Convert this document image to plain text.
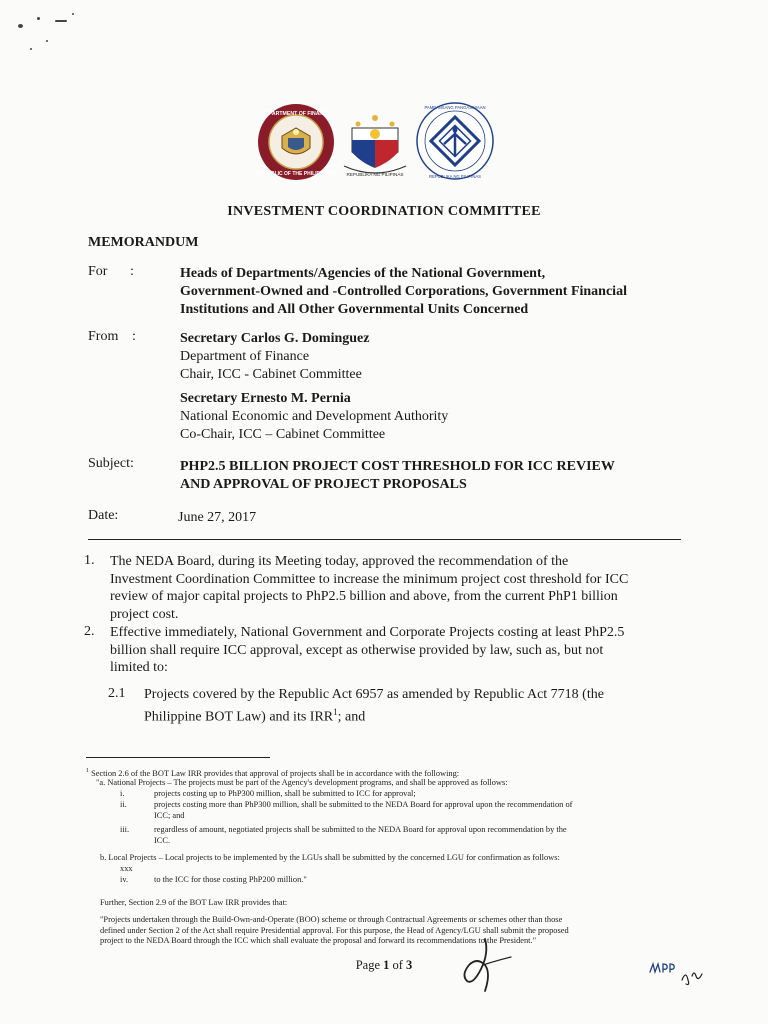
DEPARTMENT OF FINANCE
REPUBLIC OF THE PHILIPPINES	REPUBLIKA NG PILIPINAS
PAMBANSANG PANGASIWAAN
REPUBLIKA NG PILIPINAS
INVESTMENT COORDINATION COMMITTEE
MEMORANDUM
For :	Heads of Departments/Agencies of the National Government,
Government-Owned and -Controlled Corporations, Government Financial
Institutions and All Other Governmental Units Concerned
From :	Secretary Carlos G. Dominguez
Department of Finance
Chair, ICC - Cabinet Committee
Secretary Ernesto M. Pernia
National Economic and Development Authority
Co-Chair, ICC – Cabinet Committee
Subject:	PHP2.5 BILLION PROJECT COST THRESHOLD FOR ICC REVIEW
AND APPROVAL OF PROJECT PROPOSALS
Date:	June 27, 2017
1. The NEDA Board, during its Meeting today, approved the recommendation of the
Investment Coordination Committee to increase the minimum project cost threshold for ICC
review of major capital projects to PhP2.5 billion and above, from the current PhP1 billion
project cost.
2. Effective immediately, National Government and Corporate Projects costing at least PhP2.5
billion shall require ICC approval, except as otherwise provided by law, such as, but not
limited to:
2.1 Projects covered by the Republic Act 6957 as amended by Republic Act 7718 (the
Philippine BOT Law) and its IRR$^1$; and
$^1$ Section 2.6 of the BOT Law IRR provides that approval of projects shall be in accordance with the following:
"a. National Projects – The projects must be part of the Agency's development programs, and shall be approved as follows:
i.	projects costing up to PhP300 million, shall be submitted to ICC for approval;
ii.	projects costing more than PhP300 million, shall be submitted to the NEDA Board for approval upon the recommendation of
ICC; and
iii.	regardless of amount, negotiated projects shall be submitted to the NEDA Board for approval upon recommendation by the
ICC.
b. Local Projects – Local projects to be implemented by the LGUs shall be submitted by the concerned LGU for confirmation as follows:
xxx
iv.	to the ICC for those costing PhP200 million."
Further, Section 2.9 of the BOT Law IRR provides that:
"Projects undertaken through the Build-Own-and-Operate (BOO) scheme or through Contractual Agreements or schemes other than those
defined under Section 2 of the Act shall require Presidential approval. For this purpose, the Head of Agency/LGU shall submit the proposed
project to the NEDA Board through the ICC which shall evaluate the proposal and forward its recommendations to the President."
Page 1 of 3
